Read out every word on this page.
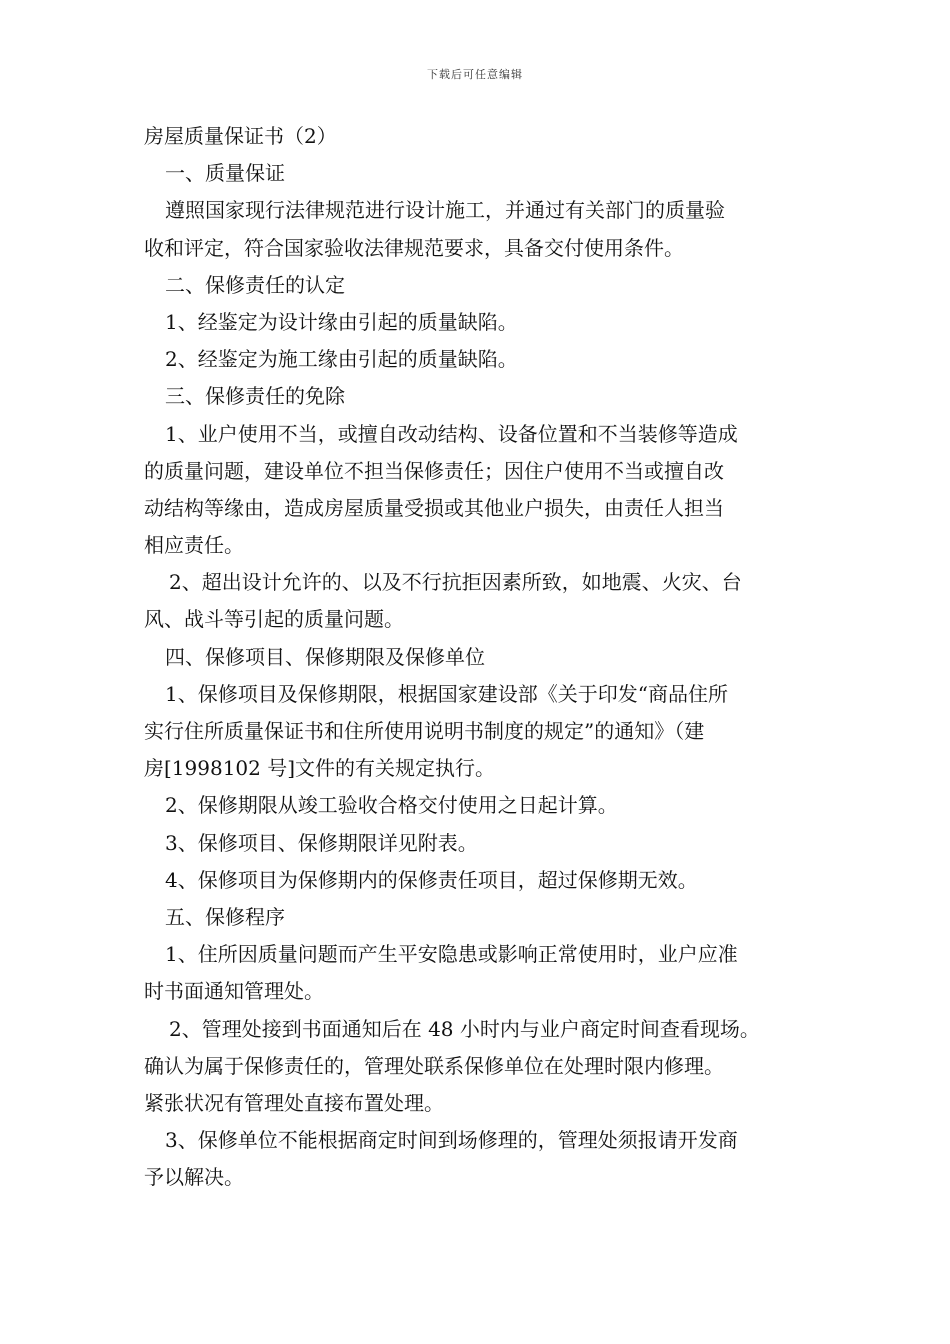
下载后可任意编辑

房屋质量保证书（2）

一、质量保证

遵照国家现行法律规范进行设计施工，并通过有关部门的质量验

收和评定，符合国家验收法律规范要求，具备交付使用条件。

二、保修责任的认定

1、经鉴定为设计缘由引起的质量缺陷。

2、经鉴定为施工缘由引起的质量缺陷。

三、保修责任的免除

1、业户使用不当，或擅自改动结构、设备位置和不当装修等造成

的质量问题，建设单位不担当保修责任；因住户使用不当或擅自改

动结构等缘由，造成房屋质量受损或其他业户损失，由责任人担当

相应责任。

2、超出设计允许的、以及不行抗拒因素所致，如地震、火灾、台

风、战斗等引起的质量问题。

四、保修项目、保修期限及保修单位

1、保修项目及保修期限，根据国家建设部《关于印发“商品住所

实行住所质量保证书和住所使用说明书制度的规定”的通知》（建

房[1998102 号]文件的有关规定执行。

2、保修期限从竣工验收合格交付使用之日起计算。

3、保修项目、保修期限详见附表。

4、保修项目为保修期内的保修责任项目，超过保修期无效。

五、保修程序

1、住所因质量问题而产生平安隐患或影响正常使用时，业户应准

时书面通知管理处。

2、管理处接到书面通知后在 48 小时内与业户商定时间查看现场。

确认为属于保修责任的，管理处联系保修单位在处理时限内修理。

紧张状况有管理处直接布置处理。

3、保修单位不能根据商定时间到场修理的，管理处须报请开发商

予以解决。
